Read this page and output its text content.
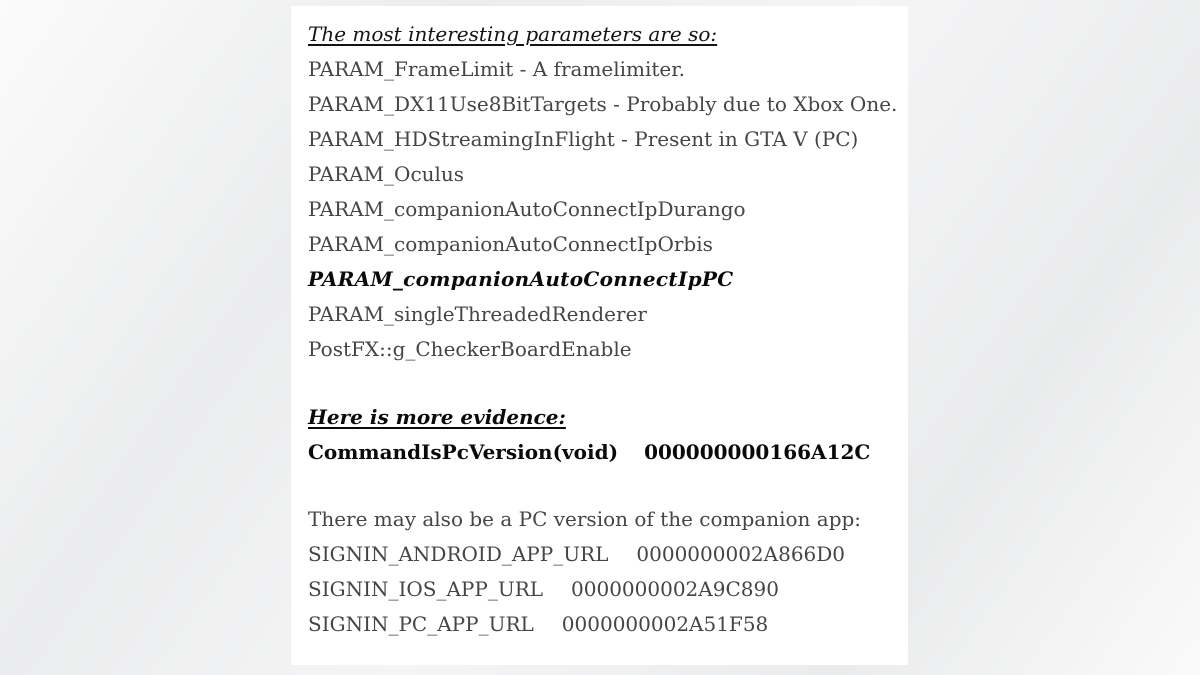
The most interesting parameters are so:
PARAM_FrameLimit - A framelimiter.
PARAM_DX11Use8BitTargets - Probably due to Xbox One.
PARAM_HDStreamingInFlight - Present in GTA V (PC)
PARAM_Oculus
PARAM_companionAutoConnectIpDurango
PARAM_companionAutoConnectIpOrbis
PARAM_companionAutoConnectIpPC
PARAM_singleThreadedRenderer
PostFX::g_CheckerBoardEnable
Here is more evidence:
CommandIsPcVersion(void) 000000000166A12C
There may also be a PC version of the companion app:
SIGNIN_ANDROID_APP_URL 0000000002A866D0
SIGNIN_IOS_APP_URL 0000000002A9C890
SIGNIN_PC_APP_URL 0000000002A51F58
